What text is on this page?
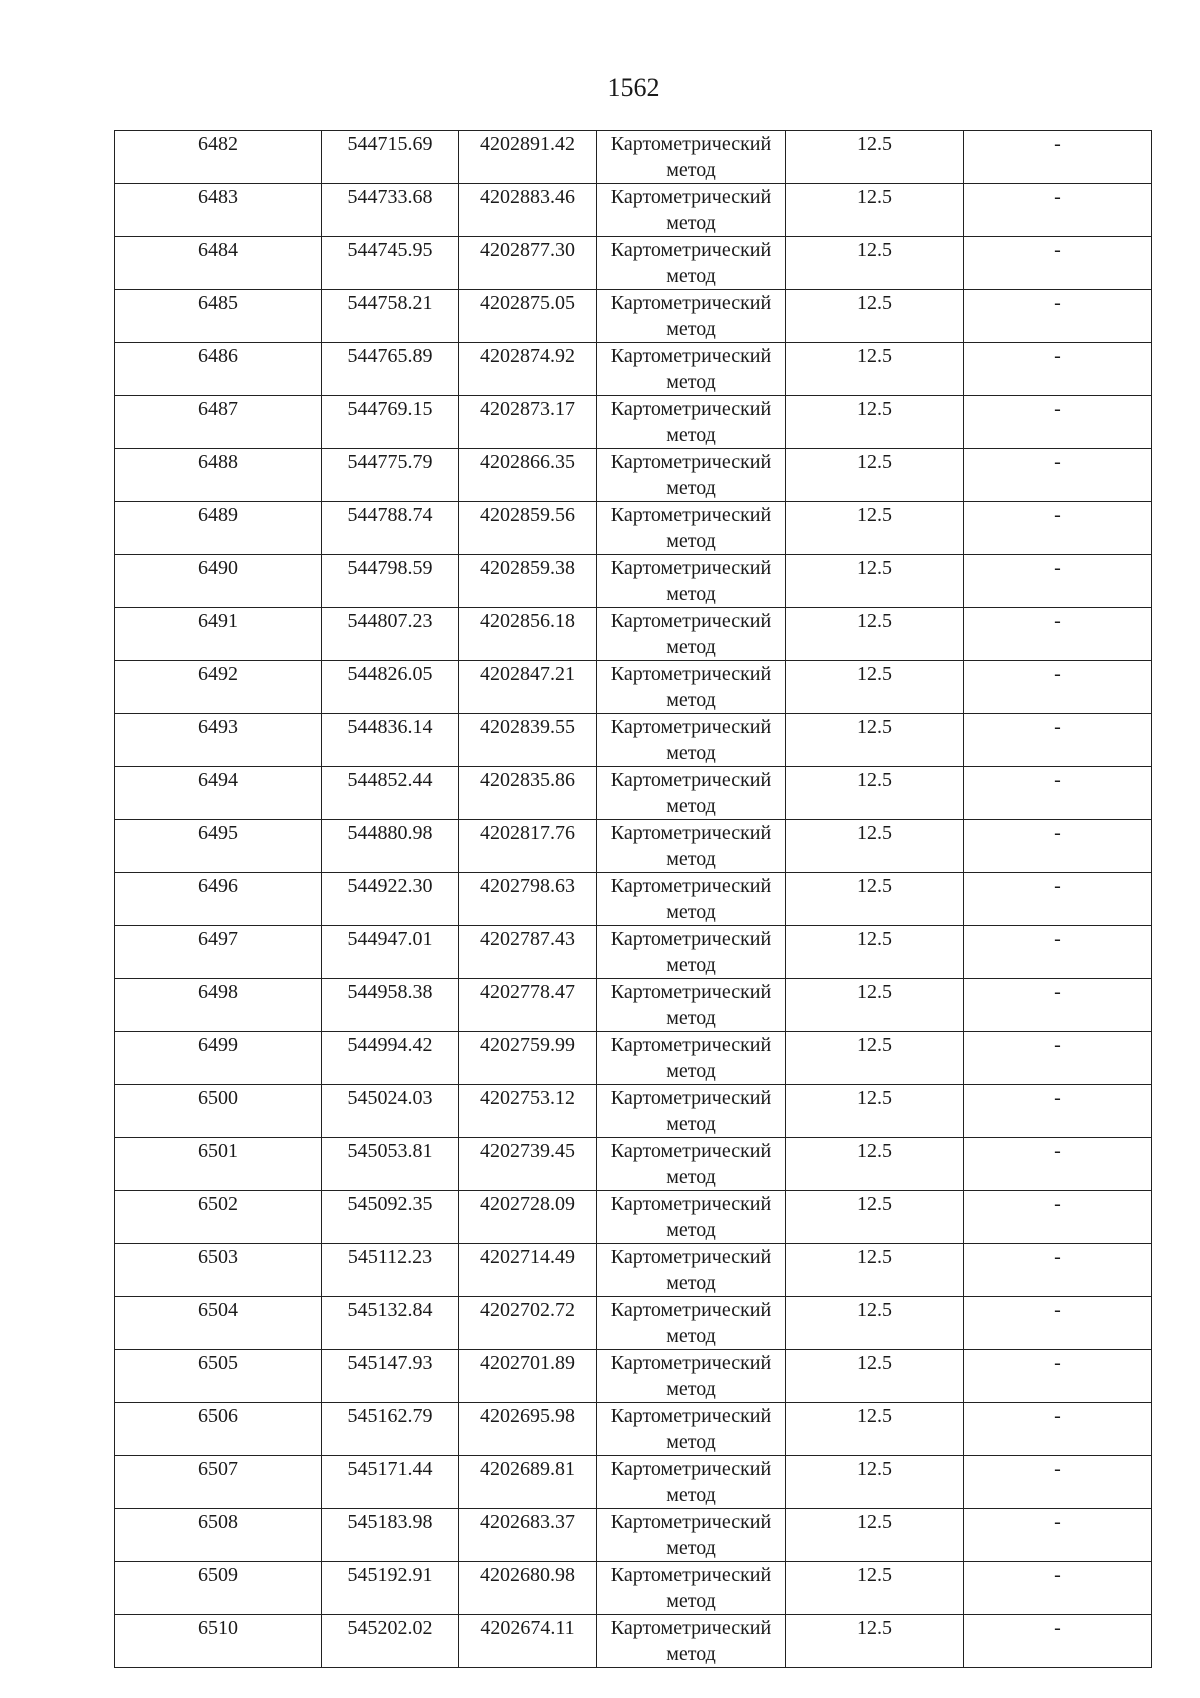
1562
6482	544715.69	4202891.42	Картометрический
метод	12.5	-
6483	544733.68	4202883.46	Картометрический
метод	12.5	-
6484	544745.95	4202877.30	Картометрический
метод	12.5	-
6485	544758.21	4202875.05	Картометрический
метод	12.5	-
6486	544765.89	4202874.92	Картометрический
метод	12.5	-
6487	544769.15	4202873.17	Картометрический
метод	12.5	-
6488	544775.79	4202866.35	Картометрический
метод	12.5	-
6489	544788.74	4202859.56	Картометрический
метод	12.5	-
6490	544798.59	4202859.38	Картометрический
метод	12.5	-
6491	544807.23	4202856.18	Картометрический
метод	12.5	-
6492	544826.05	4202847.21	Картометрический
метод	12.5	-
6493	544836.14	4202839.55	Картометрический
метод	12.5	-
6494	544852.44	4202835.86	Картометрический
метод	12.5	-
6495	544880.98	4202817.76	Картометрический
метод	12.5	-
6496	544922.30	4202798.63	Картометрический
метод	12.5	-
6497	544947.01	4202787.43	Картометрический
метод	12.5	-
6498	544958.38	4202778.47	Картометрический
метод	12.5	-
6499	544994.42	4202759.99	Картометрический
метод	12.5	-
6500	545024.03	4202753.12	Картометрический
метод	12.5	-
6501	545053.81	4202739.45	Картометрический
метод	12.5	-
6502	545092.35	4202728.09	Картометрический
метод	12.5	-
6503	545112.23	4202714.49	Картометрический
метод	12.5	-
6504	545132.84	4202702.72	Картометрический
метод	12.5	-
6505	545147.93	4202701.89	Картометрический
метод	12.5	-
6506	545162.79	4202695.98	Картометрический
метод	12.5	-
6507	545171.44	4202689.81	Картометрический
метод	12.5	-
6508	545183.98	4202683.37	Картометрический
метод	12.5	-
6509	545192.91	4202680.98	Картометрический
метод	12.5	-
6510	545202.02	4202674.11	Картометрический
метод	12.5	-
